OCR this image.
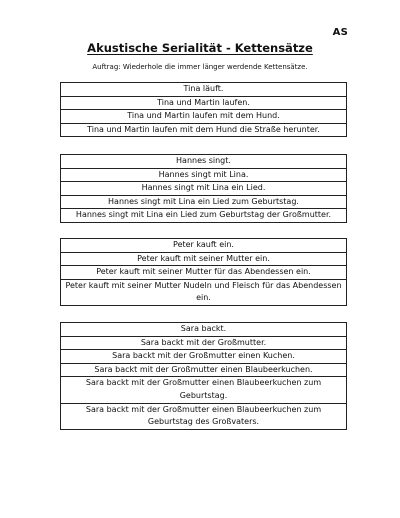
AS
Akustische Serialität - Kettensätze
Auftrag: Wiederhole die immer länger werdende Kettensätze.
Tina läuft.
Tina und Martin laufen.
Tina und Martin laufen mit dem Hund.
Tina und Martin laufen mit dem Hund die Straße herunter.
Hannes singt.
Hannes singt mit Lina.
Hannes singt mit Lina ein Lied.
Hannes singt mit Lina ein Lied zum Geburtstag.
Hannes singt mit Lina ein Lied zum Geburtstag der Großmutter.
Peter kauft ein.
Peter kauft mit seiner Mutter ein.
Peter kauft mit seiner Mutter für das Abendessen ein.
Peter kauft mit seiner Mutter Nudeln und Fleisch für das Abendessen ein.
Sara backt.
Sara backt mit der Großmutter.
Sara backt mit der Großmutter einen Kuchen.
Sara backt mit der Großmutter einen Blaubeerkuchen.
Sara backt mit der Großmutter einen Blaubeerkuchen zum Geburtstag.
Sara backt mit der Großmutter einen Blaubeerkuchen zum Geburtstag des Großvaters.
